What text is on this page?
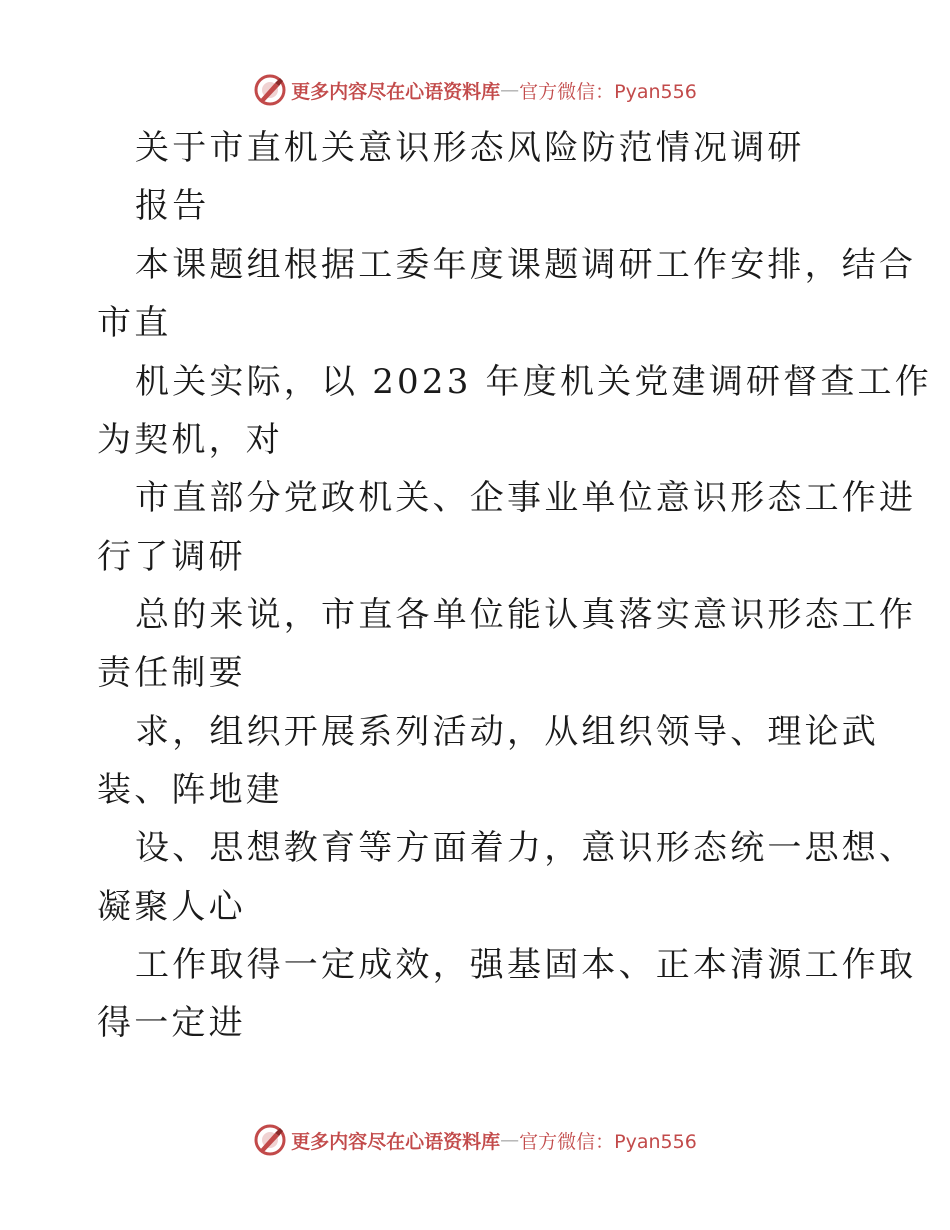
更多内容尽在心语资料库 — 官方微信：Pyan556
关于市直机关意识形态风险防范情况调研
报告
本课题组根据工委年度课题调研工作安排，结合
市直
机关实际，以 2023 年度机关党建调研督查工作
为契机，对
市直部分党政机关、企事业单位意识形态工作进
行了调研
总的来说，市直各单位能认真落实意识形态工作
责任制要
求，组织开展系列活动，从组织领导、理论武
装、阵地建
设、思想教育等方面着力，意识形态统一思想、
凝聚人心
工作取得一定成效，强基固本、正本清源工作取
得一定进
更多内容尽在心语资料库 — 官方微信：Pyan556
